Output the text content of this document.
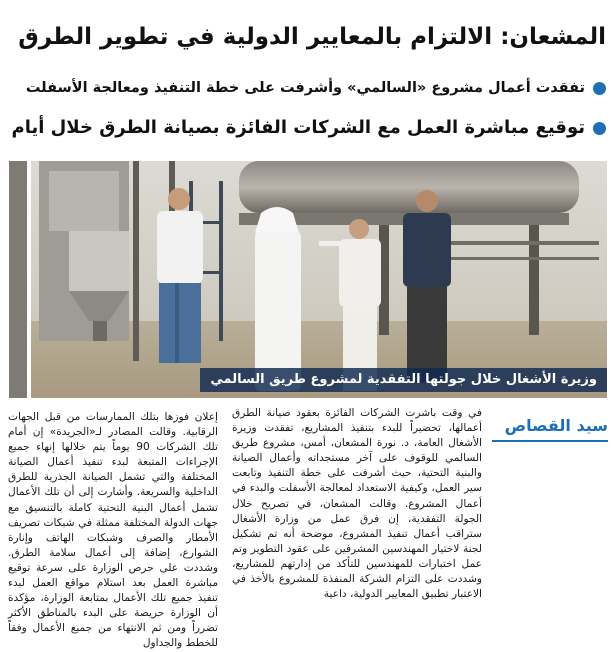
المشعان: الالتزام بالمعايير الدولية في تطوير الطرق
تفقدت أعمال مشروع «السالمي» وأشرفت على خطة التنفيذ ومعالجة الأسفلت
توقيع مباشرة العمل مع الشركات الفائزة بصيانة الطرق خلال أيام
وزيرة الأشغال خلال جولتها التفقدية لمشروع طريق السالمي
سيد القصاص

في وقت باشرت الشركات الفائزة بعقود صيانة الطرق أعمالها، تحضيراً للبدء بتنفيذ المشاريع، تفقدت وزيرة الأشغال العامة، د. نورة المشعان، أمس، مشروع طريق السالمي للوقوف على آخر مستجداته وأعمال الصيانة والبنية التحتية، حيث أشرفت على خطة التنفيذ وتابعت سير العمل، وكيفية الاستعداد لمعالجة الأسفلت والبدء في أعمال المشروع. وقالت المشعان، في تصريح خلال الجولة التفقدية، إن فرق عمل من وزارة الأشغال ستراقب أعمال تنفيذ المشروع، موضحة أنه تم تشكيل لجنة لاختيار المهندسين المشرفين على عقود التطوير وتم عمل اختبارات للمهندسين للتأكد من إدارتهم للمشاريع، وشددت على التزام الشركة المنفذة للمشروع بالأخذ في الاعتبار تطبيق المعايير الدولية، داعية

إعلان فوزها بتلك الممارسات من قبل الجهات الرقابية. وقالت المصادر لـ«الجريدة» إن أمام تلك الشركات 90 يوماً يتم خلالها إنهاء جميع الإجراءات المتبعة لبدء تنفيذ أعمال الصيانة المختلفة والتي تشمل الصيانة الجذرية للطرق الداخلية والسريعة. وأشارت إلى أن تلك الأعمال تشمل أعمال البنية التحتية كاملة بالتنسيق مع جهات الدولة المختلفة ممثلة في شبكات تصريف الأمطار والصرف وشبكات الهاتف وإنارة الشوارع، إضافة إلى أعمال سلامة الطرق. وشددت على حرص الوزارة على سرعة توقيع مباشرة العمل بعد استلام مواقع العمل لبدء تنفيذ جميع تلك الأعمال بمتابعة الوزارة، مؤكدة أن الوزارة حريصة على البدء بالمناطق الأكثر تضرراً ومن ثم الانتهاء من جميع الأعمال وفقاً للخطط والجداول
